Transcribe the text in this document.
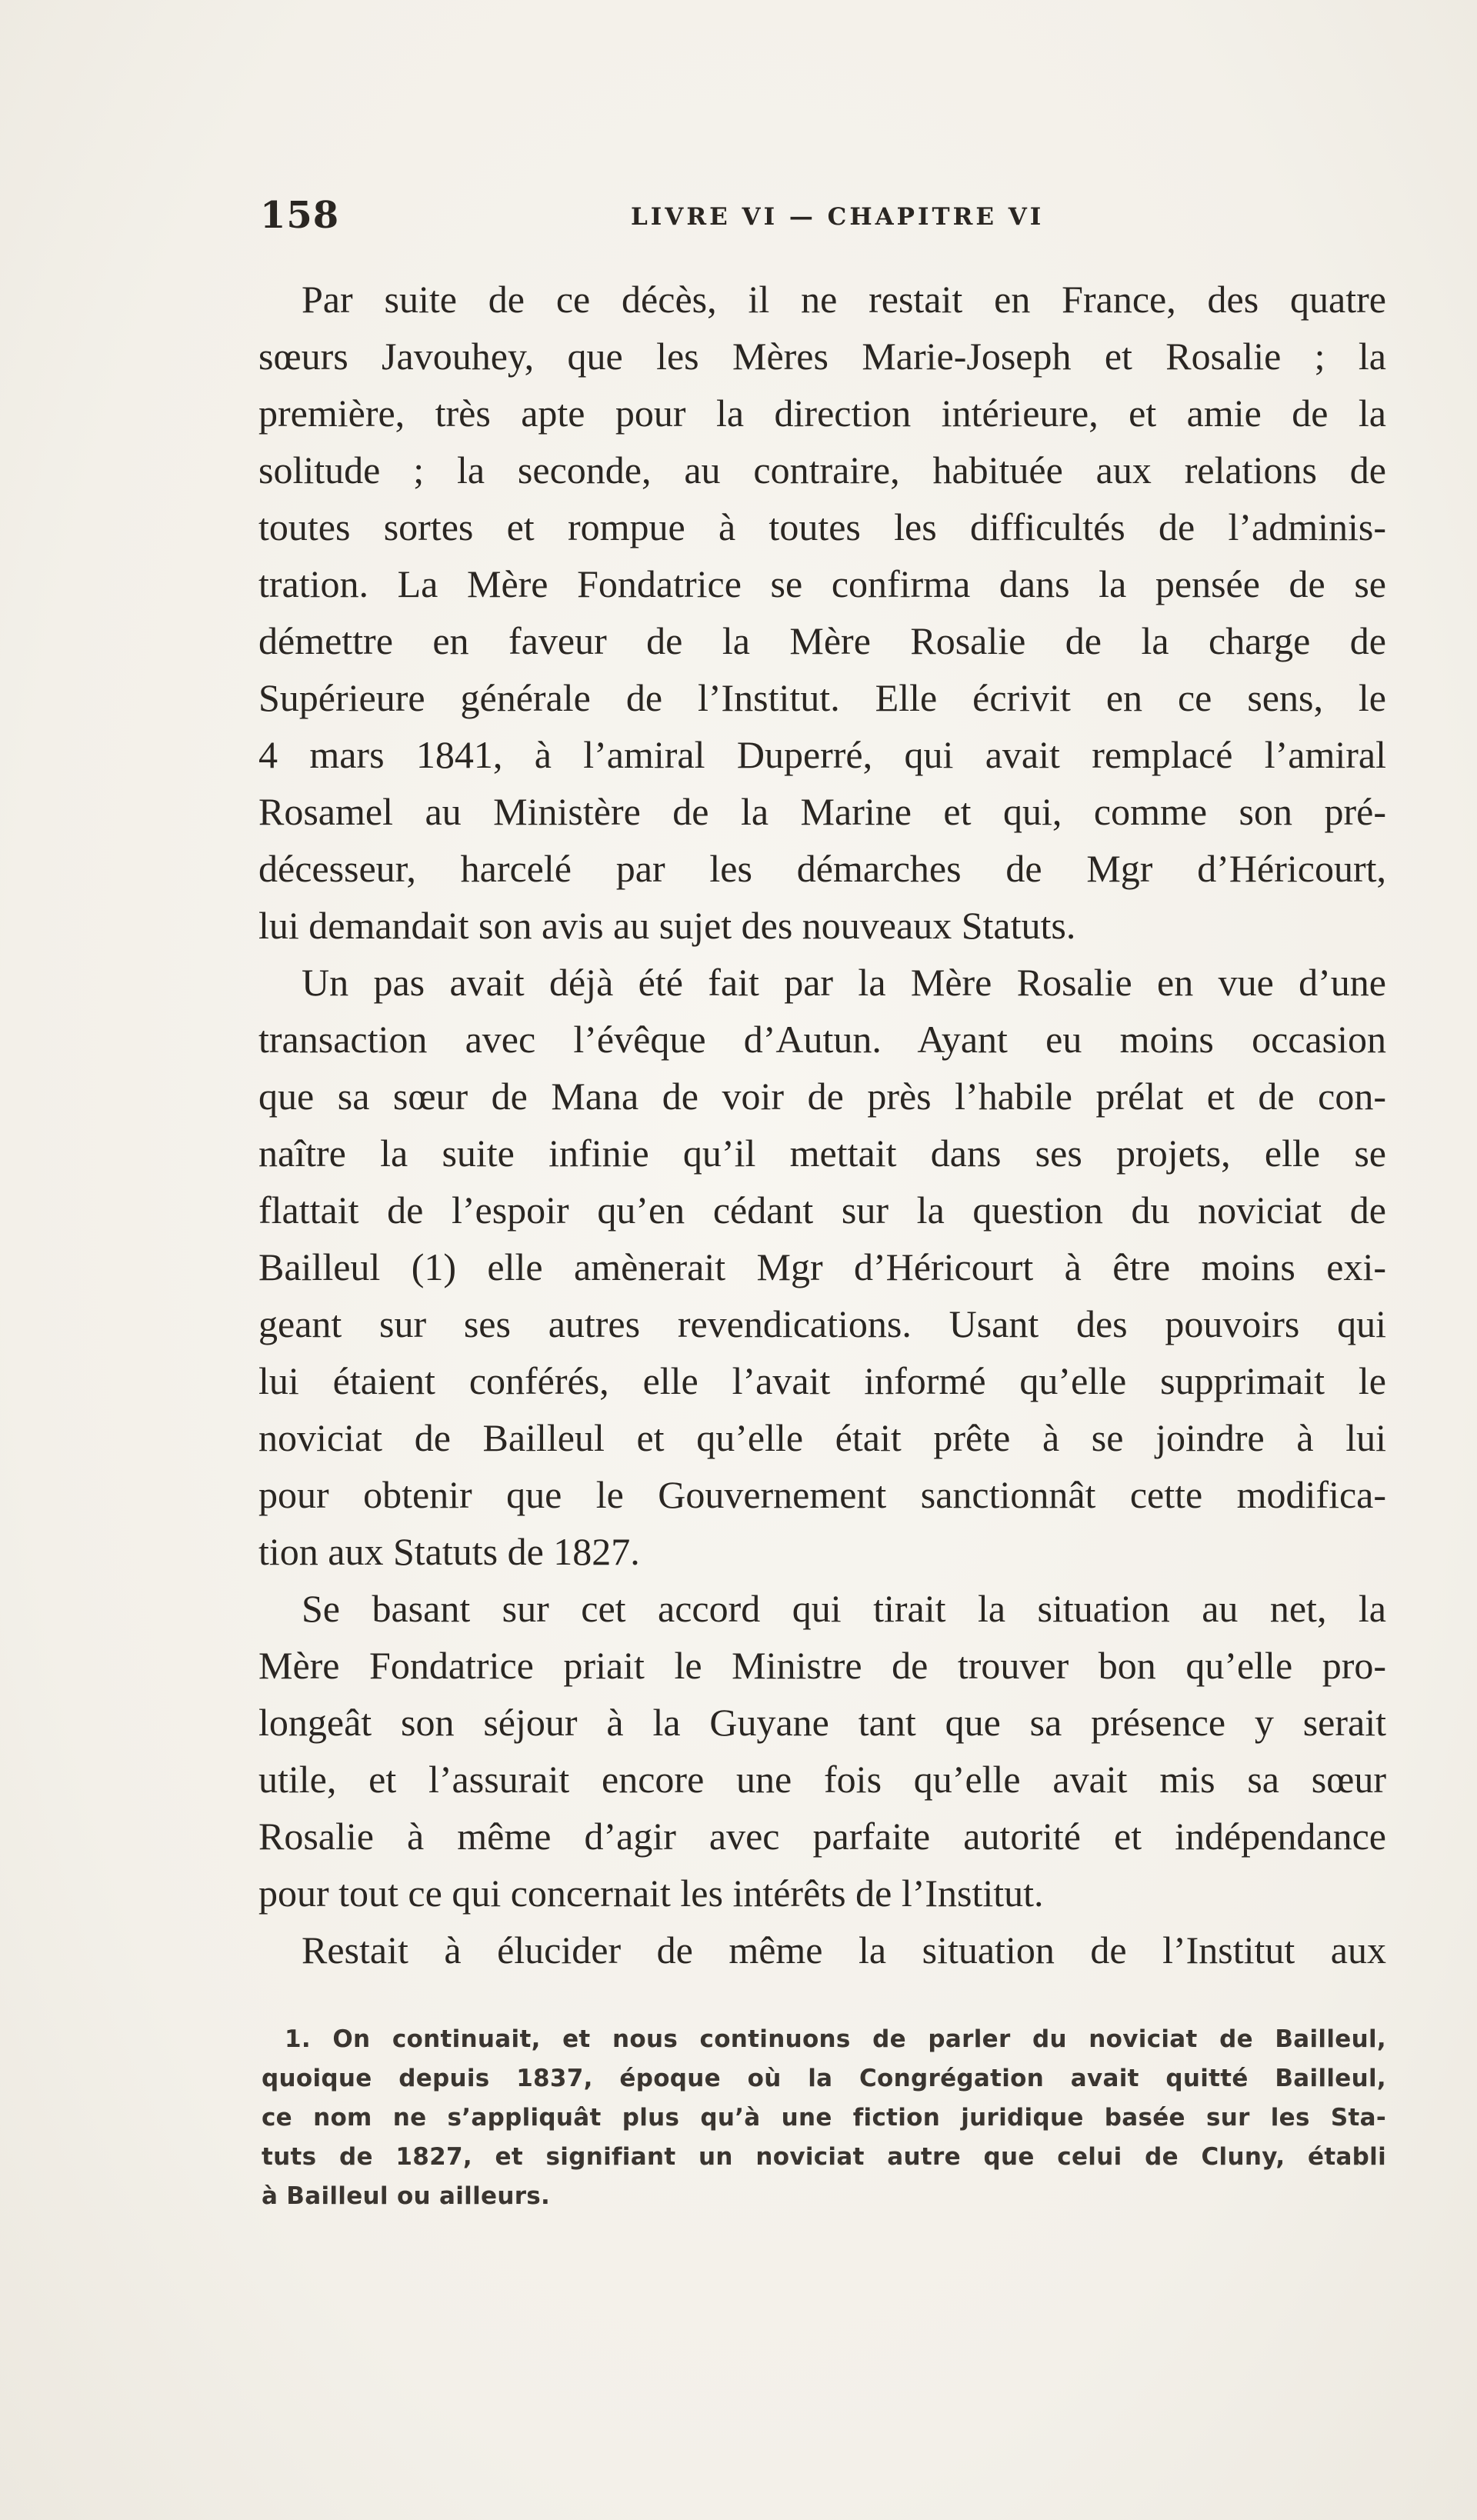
158	LIVRE VI — CHAPITRE VI
Par suite de ce décès, il ne restait en France, des quatre
sœurs Javouhey, que les Mères Marie-Joseph et Rosalie ; la
première, très apte pour la direction intérieure, et amie de la
solitude ; la seconde, au contraire, habituée aux relations de
toutes sortes et rompue à toutes les difficultés de l’adminis-
tration. La Mère Fondatrice se confirma dans la pensée de se
démettre en faveur de la Mère Rosalie de la charge de
Supérieure générale de l’Institut. Elle écrivit en ce sens, le
4 mars 1841, à l’amiral Duperré, qui avait remplacé l’amiral
Rosamel au Ministère de la Marine et qui, comme son pré-
décesseur, harcelé par les démarches de Mgr d’Héricourt,
lui demandait son avis au sujet des nouveaux Statuts.
Un pas avait déjà été fait par la Mère Rosalie en vue d’une
transaction avec l’évêque d’Autun. Ayant eu moins occasion
que sa sœur de Mana de voir de près l’habile prélat et de con-
naître la suite infinie qu’il mettait dans ses projets, elle se
flattait de l’espoir qu’en cédant sur la question du noviciat de
Bailleul (1) elle amènerait Mgr d’Héricourt à être moins exi-
geant sur ses autres revendications. Usant des pouvoirs qui
lui étaient conférés, elle l’avait informé qu’elle supprimait le
noviciat de Bailleul et qu’elle était prête à se joindre à lui
pour obtenir que le Gouvernement sanctionnât cette modifica-
tion aux Statuts de 1827.
Se basant sur cet accord qui tirait la situation au net, la
Mère Fondatrice priait le Ministre de trouver bon qu’elle pro-
longeât son séjour à la Guyane tant que sa présence y serait
utile, et l’assurait encore une fois qu’elle avait mis sa sœur
Rosalie à même d’agir avec parfaite autorité et indépendance
pour tout ce qui concernait les intérêts de l’Institut.
Restait à élucider de même la situation de l’Institut aux
1. On continuait, et nous continuons de parler du noviciat de Bailleul,
quoique depuis 1837, époque où la Congrégation avait quitté Bailleul,
ce nom ne s’appliquât plus qu’à une fiction juridique basée sur les Sta-
tuts de 1827, et signifiant un noviciat autre que celui de Cluny, établi
à Bailleul ou ailleurs.
